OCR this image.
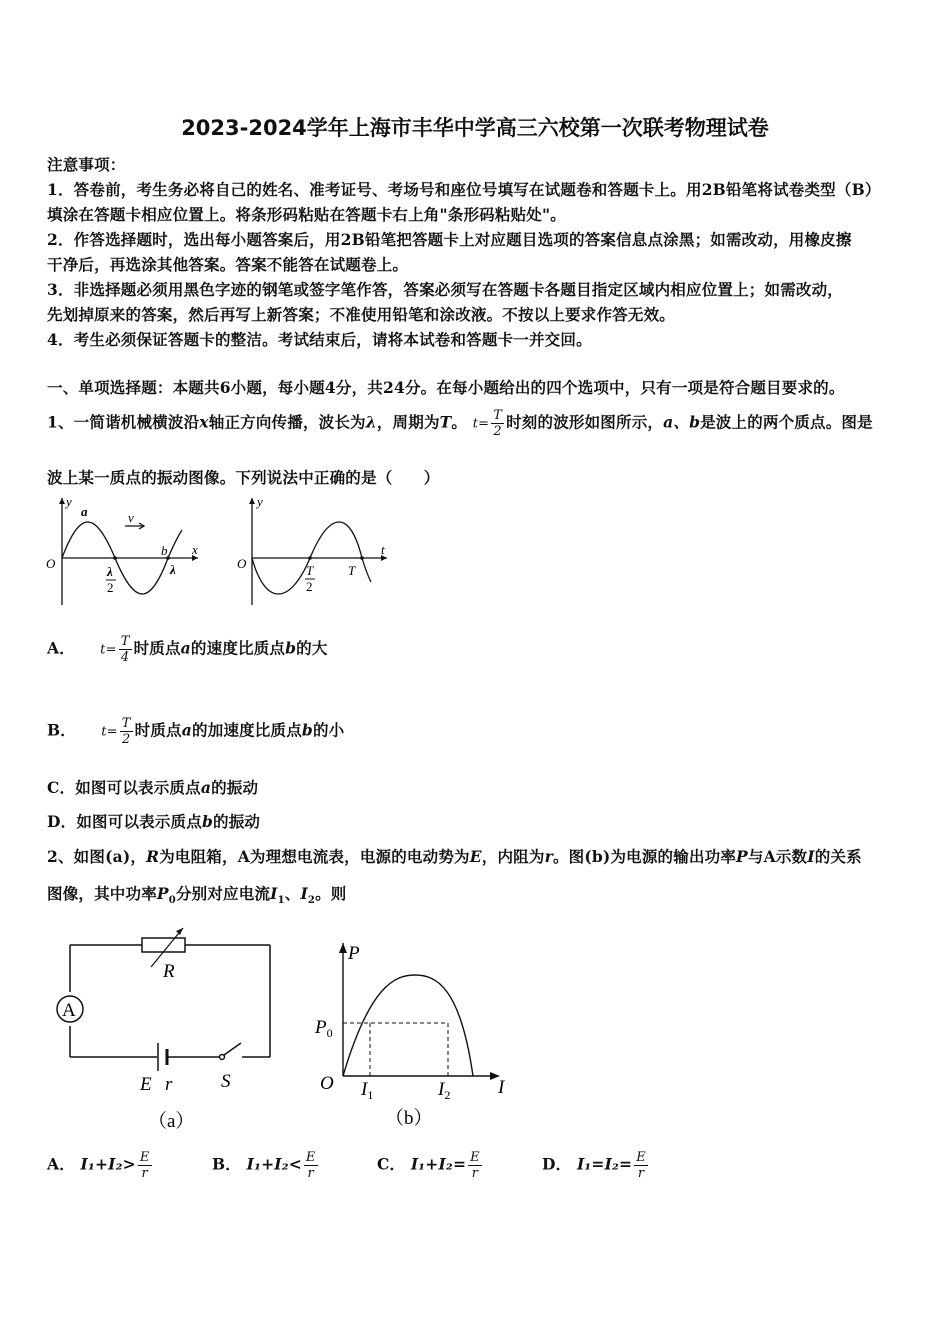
2023-2024学年上海市丰华中学高三六校第一次联考物理试卷
注意事项：
1．答卷前，考生务必将自己的姓名、准考证号、考场号和座位号填写在试题卷和答题卡上。用2B铅笔将试卷类型（B）
填涂在答题卡相应位置上。将条形码粘贴在答题卡右上角"条形码粘贴处"。
2．作答选择题时，选出每小题答案后，用2B铅笔把答题卡上对应题目选项的答案信息点涂黑；如需改动，用橡皮擦
干净后，再选涂其他答案。答案不能答在试题卷上。
3．非选择题必须用黑色字迹的钢笔或签字笔作答，答案必须写在答题卡各题目指定区域内相应位置上；如需改动，
先划掉原来的答案，然后再写上新答案；不准使用铅笔和涂改液。不按以上要求作答无效。
4．考生必须保证答题卡的整洁。考试结束后，请将本试卷和答题卡一并交回。
一、单项选择题：本题共6小题，每小题4分，共24分。在每小题给出的四个选项中，只有一项是符合题目要求的。
1、一简谐机械横波沿x轴正方向传播，波长为λ，周期为T。 $t= \frac{T}{2}$ 时刻的波形如图所示，a、b是波上的两个质点。图是
波上某一质点的振动图像。下列说法中正确的是（　　）
y
a	v
b x
O
λ
2
λ
y
t
O	T
2
T
A． $t= \frac{T}{4}$ 时质点a的速度比质点b的大
B． $t= \frac{T}{2}$ 时质点a的加速度比质点b的小
C．如图可以表示质点a的振动
D．如图可以表示质点b的振动
2、如图(a)，R为电阻箱，A为理想电流表，电源的电动势为E，内阻为r。图(b)为电源的输出功率P与A示数I的关系
图像，其中功率$P_0$分别对应电流$I_1$、$I_2$。则
R
A
E r	S
（a）
P
$P_0$
O $I_1$	$I_2$	I
（b）
A． $I_1+I_2> \frac{E}{r}$	B． $I_1+I_2< \frac{E}{r}$	C． $I_1+I_2= \frac{E}{r}$	D． $I_1=I_2= \frac{E}{r}$
